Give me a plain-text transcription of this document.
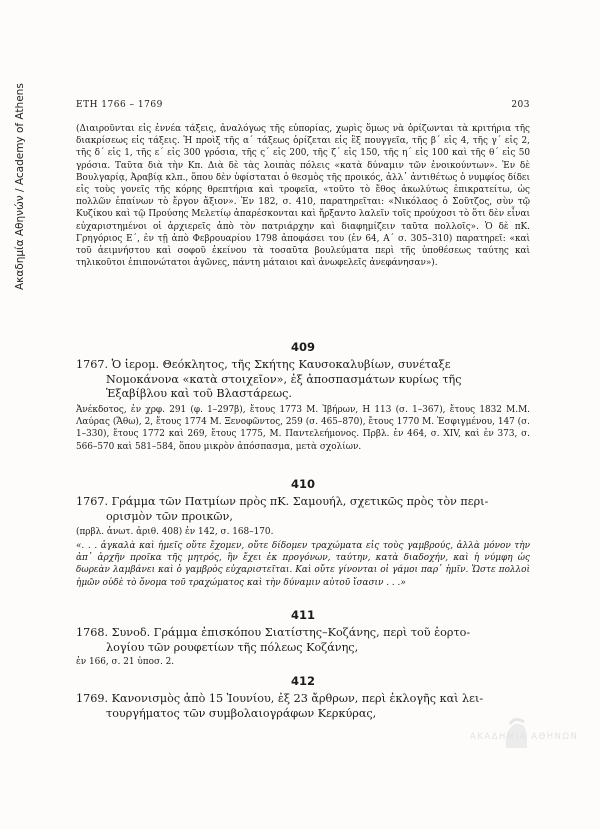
Ακαδημία Αθηνών / Academy of Athens	ΕΤΗ 1766 – 1769	203
(Διαιροῦνται εἰς ἐννέα τάξεις, ἀναλόγως τῆς εὐπορίας, χωρὶς ὅμως νὰ ὁρίζωνται τὰ κριτήρια τῆς διακρίσεως εἰς τάξεις. Ἡ προὶξ τῆς α΄ τάξεως ὁρίζεται εἰς ἓξ πουγγεῖα, τῆς β΄ εἰς 4, τῆς γ΄ εἰς 2, τῆς δ΄ εἰς 1, τῆς ε΄ εἰς 300 γρόσια, τῆς ς΄ εἰς 200, τῆς ζ΄ εἰς 150, τῆς η΄ εἰς 100 καὶ τῆς θ΄ εἰς 50 γρόσια. Ταῦτα διὰ τὴν Κπ. Διὰ δὲ τὰς λοιπὰς πόλεις «κατὰ δύναμιν τῶν ἐνοικούντων». Ἐν δὲ Βουλγαρίᾳ, Ἀραβίᾳ κλπ., ὅπου δὲν ὑφίσταται ὁ θεσμὸς τῆς προικός, ἀλλ᾽ ἀντιθέτως ὁ νυμφίος δίδει εἰς τοὺς γονεῖς τῆς κόρης θρεπτήρια καὶ τροφεῖα, «τοῦτο τὸ ἔθος ἀκωλύτως ἐπικρατείτω, ὡς πολλῶν ἐπαίνων τὸ ἔργον ἄξιον». Ἐν 182, σ. 410, παρατηρεῖται: «Νικόλαος ὁ Σοῦτζος, σὺν τῷ Κυζίκου καὶ τῷ Προύσης Μελετίῳ ἀπαρέσκονται καὶ ἤρξαντο λαλεῖν τοῖς προύχοσι τὸ ὅτι δὲν εἶναι εὐχαριστημένοι οἱ ἀρχιερεῖς ἀπὸ τὸν πατριάρχην καὶ διαφημίζειν ταῦτα πολλοῖς». Ὁ δὲ πΚ. Γρηγόριος Ε΄, ἐν τῇ ἀπὸ Φεβρουαρίου 1798 ἀποφάσει του (ἐν 64, Α΄ σ. 305–310) παρατηρεῖ: «καὶ τοῦ ἀειμνήστου καὶ σοφοῦ ἐκείνου τὰ τοσαῦτα βουλεύματα περὶ τῆς ὑποθέσεως ταύτης καὶ τηλικοῦτοι ἐπιπονώτατοι ἀγῶνες, πάντη μάταιοι καὶ ἀνωφελεῖς ἀνεφάνησαν»).
409
1767. Ὁ ἱερομ. Θεόκλητος, τῆς Σκήτης Καυσοκαλυβίων, συνέταξε
Νομοκάνονα «κατὰ στοιχεῖον», ἐξ ἀποσπασμάτων κυρίως τῆς
Ἑξαβίβλου καὶ τοῦ Βλαστάρεως.
Ἀνέκδοτος, ἐν χρφ. 291 (φ. 1–297β), ἔτους 1773 Μ. Ἰβήρων, Η 113 (σ. 1–367), ἔτους 1832 Μ.Μ. Λαύρας (Ἄθω), 2, ἔτους 1774 Μ. Ξενοφῶντος, 259 (σ. 465–870), ἔτους 1770 Μ. Ἐσφιγμένου, 147 (σ. 1–330), ἔτους 1772 καὶ 269, ἔτους 1775, Μ. Παντελεήμονος. Πρβλ. ἐν 464, σ. XIV, καὶ ἐν 373, σ. 566–570 καὶ 581–584, ὅπου μικρὸν ἀπόσπασμα, μετὰ σχολίων.
410
1767. Γράμμα τῶν Πατμίων πρὸς πΚ. Σαμουήλ, σχετικῶς πρὸς τὸν περι-
ορισμὸν τῶν προικῶν,
(πρβλ. ἀνωτ. ἀριθ. 408) ἐν 142, σ. 168–170.
«. . . ἀγκαλὰ καὶ ἡμεῖς οὔτε ἔχομεν, οὔτε δίδομεν τραχώματα εἰς τοὺς γαμβρούς, ἀλλὰ μόνον τὴν ἀπ᾽ ἀρχῆν προῖκα τῆς μητρός, ἣν ἔχει ἐκ προγόνων, ταύτην, κατὰ διαδοχήν, καὶ ἡ νύμφη ὡς δωρεὰν λαμβάνει καὶ ὁ γαμβρὸς εὐχαριστεῖται. Καὶ οὔτε γίνονται οἱ γάμοι παρ᾽ ἡμῖν. Ὥστε πολλοὶ ἡμῶν οὐδὲ τὸ ὄνομα τοῦ τραχώματος καὶ τὴν δύναμιν αὐτοῦ ἴσασιν . . .»
411
1768. Συνοδ. Γράμμα ἐπισκόπου Σιατίστης–Κοζάνης, περὶ τοῦ ἑορτο-
λογίου τῶν ρουφετίων τῆς πόλεως Κοζάνης,
ἐν 166, σ. 21 ὑποσ. 2.
412
1769. Κανονισμὸς ἀπὸ 15 Ἰουνίου, ἐξ 23 ἄρθρων, περὶ ἐκλογῆς καὶ λει-
τουργήματος τῶν συμβολαιογράφων Κερκύρας,
ΑΚΑΔΗΜΙΑ ΑΘΗΝΩΝ
